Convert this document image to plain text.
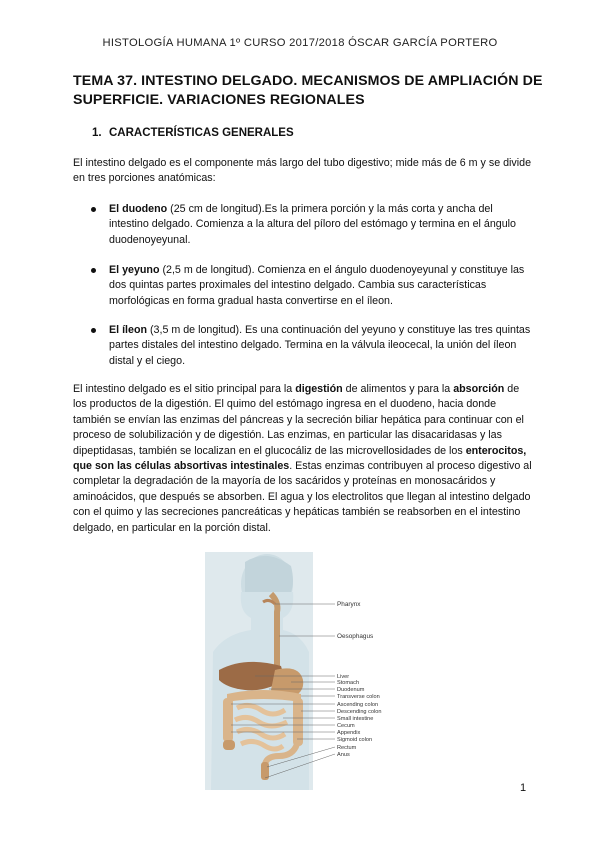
HISTOLOGÍA HUMANA 1º CURSO 2017/2018 ÓSCAR GARCÍA PORTERO
TEMA 37. INTESTINO DELGADO. MECANISMOS DE AMPLIACIÓN DE SUPERFICIE. VARIACIONES REGIONALES
1. CARACTERÍSTICAS GENERALES
El intestino delgado es el componente más largo del tubo digestivo; mide más de 6 m y se divide en tres porciones anatómicas:
El duodeno (25 cm de longitud).Es la primera porción y la más corta y ancha del intestino delgado. Comienza a la altura del píloro del estómago y termina en el ángulo duodenoyeyunal.
El yeyuno (2,5 m de longitud). Comienza en el ángulo duodenoyeyunal y constituye las dos quintas partes proximales del intestino delgado. Cambia sus características morfológicas en forma gradual hasta convertirse en el íleon.
El íleon (3,5 m de longitud). Es una continuación del yeyuno y constituye las tres quintas partes distales del intestino delgado. Termina en la válvula ileocecal, la unión del íleon distal y el ciego.
El intestino delgado es el sitio principal para la digestión de alimentos y para la absorción de los productos de la digestión. El quimo del estómago ingresa en el duodeno, hacia donde también se envían las enzimas del páncreas y la secreción biliar hepática para continuar con el proceso de solubilización y de digestión. Las enzimas, en particular las disacaridasas y las dipeptidasas, también se localizan en el glucocáliz de las microvellosidades de los enterocitos, que son las células absortivas intestinales. Estas enzimas contribuyen al proceso digestivo al completar la degradación de la mayoría de los sacáridos y proteínas en monosacáridos y aminoácidos, que después se absorben. El agua y los electrolitos que llegan al intestino delgado con el quimo y las secreciones pancreáticas y hepáticas también se reabsorben en el intestino delgado, en particular en la porción distal.
Pharynx
Oesophagus
Liver
Stomach
Duodenum
Transverse colon
Ascending colon
Descending colon
Small intestine
Cecum
Appendix
Sigmoid colon
Rectum
Anus
1
